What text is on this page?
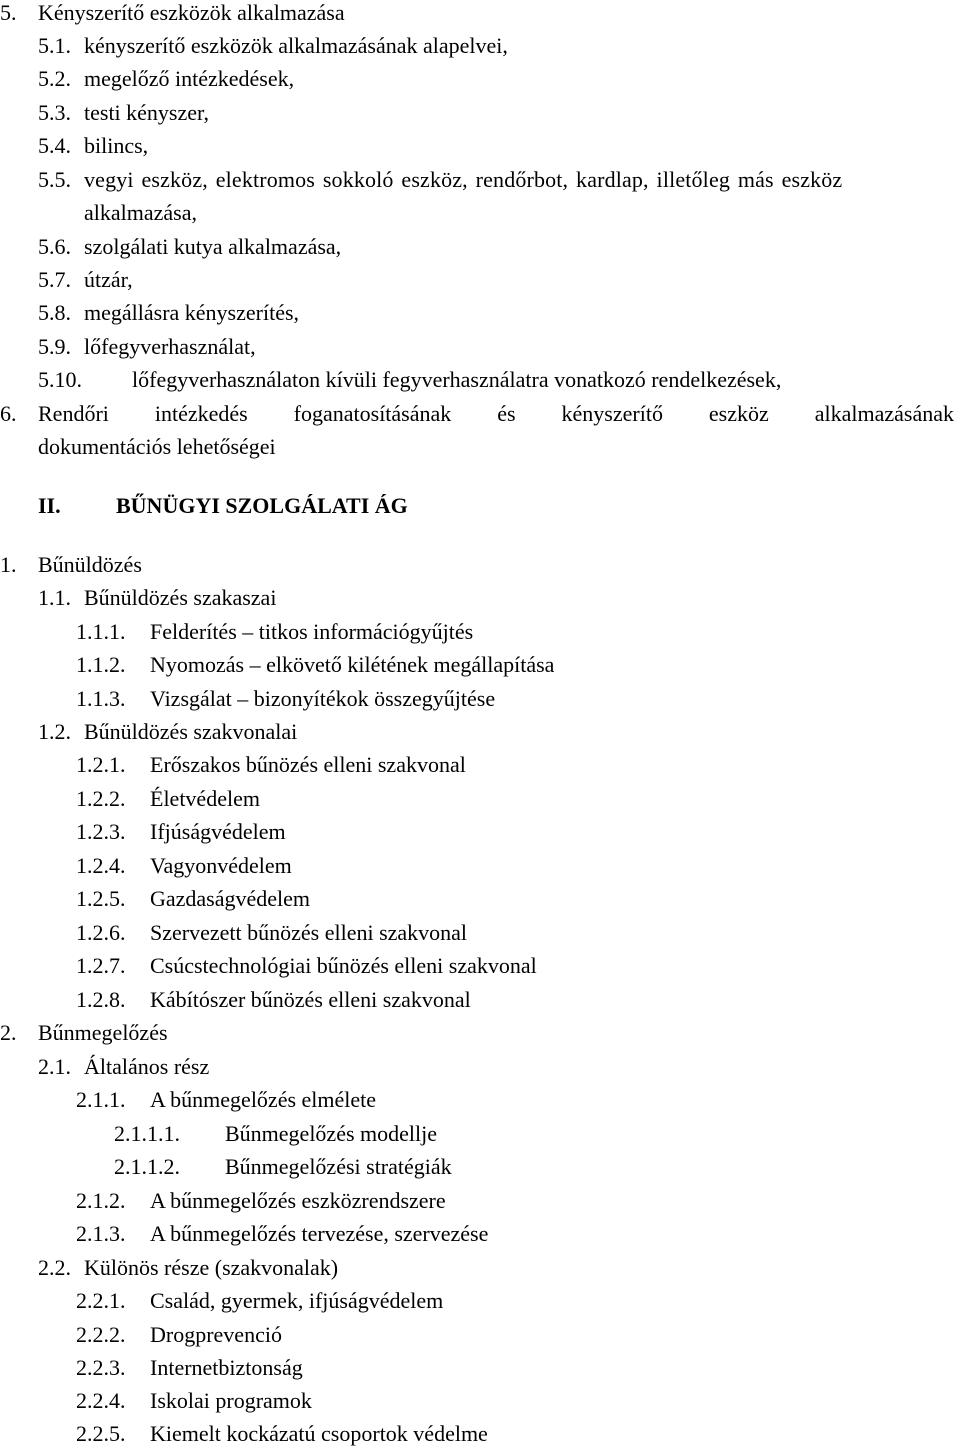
5. Kényszerítő eszközök alkalmazása
5.1. kényszerítő eszközök alkalmazásának alapelvei,
5.2. megelőző intézkedések,
5.3. testi kényszer,
5.4. bilincs,
5.5. vegyi eszköz, elektromos sokkoló eszköz, rendőrbot, kardlap, illetőleg más eszköz
alkalmazása,
5.6. szolgálati kutya alkalmazása,
5.7. útzár,
5.8. megállásra kényszerítés,
5.9. lőfegyverhasználat,
5.10. lőfegyverhasználaton kívüli fegyverhasználatra vonatkozó rendelkezések,
6. Rendőri intézkedés foganatosításának és kényszerítő eszköz alkalmazásának
dokumentációs lehetőségei
II.	BŰNÜGYI SZOLGÁLATI ÁG
1. Bűnüldözés
1.1. Bűnüldözés szakaszai
1.1.1. Felderítés – titkos információgyűjtés
1.1.2. Nyomozás – elkövető kilétének megállapítása
1.1.3. Vizsgálat – bizonyítékok összegyűjtése
1.2. Bűnüldözés szakvonalai
1.2.1. Erőszakos bűnözés elleni szakvonal
1.2.2. Életvédelem
1.2.3. Ifjúságvédelem
1.2.4. Vagyonvédelem
1.2.5. Gazdaságvédelem
1.2.6. Szervezett bűnözés elleni szakvonal
1.2.7. Csúcstechnológiai bűnözés elleni szakvonal
1.2.8. Kábítószer bűnözés elleni szakvonal
2. Bűnmegelőzés
2.1. Általános rész
2.1.1. A bűnmegelőzés elmélete
2.1.1.1. Bűnmegelőzés modellje
2.1.1.2. Bűnmegelőzési stratégiák
2.1.2. A bűnmegelőzés eszközrendszere
2.1.3. A bűnmegelőzés tervezése, szervezése
2.2. Különös része (szakvonalak)
2.2.1. Család, gyermek, ifjúságvédelem
2.2.2. Drogprevenció
2.2.3. Internetbiztonság
2.2.4. Iskolai programok
2.2.5. Kiemelt kockázatú csoportok védelme
